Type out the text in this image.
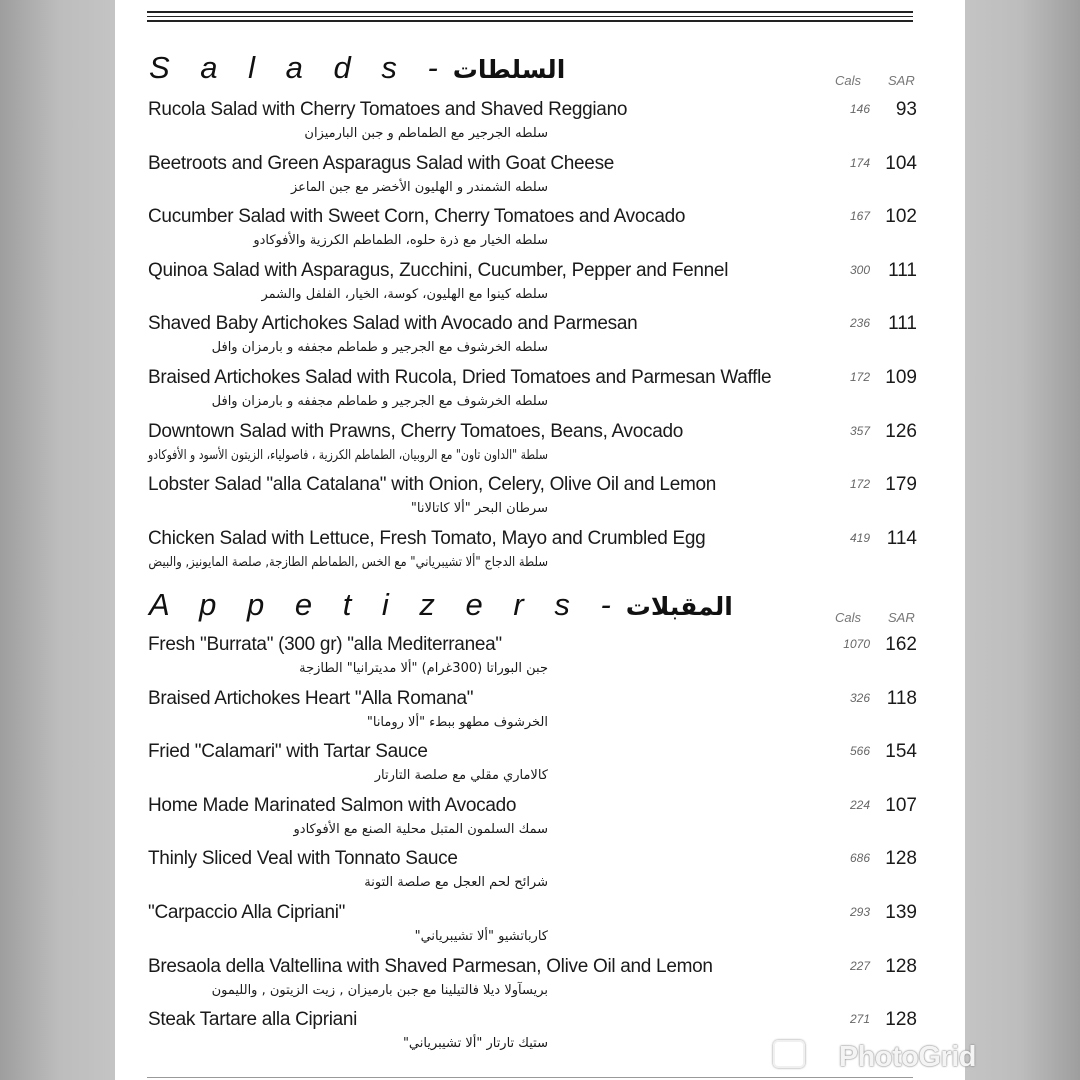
S a l a d s - السلطات	Cals SAR
Rucola Salad with Cherry Tomatoes and Shaved Reggiano
سلطه الجرجير مع الطماطم و جبن البارميزان
146	93
Beetroots and Green Asparagus Salad with Goat Cheese
سلطه الشمندر و الهليون الأخضر مع جبن الماعز
174 104
Cucumber Salad with Sweet Corn, Cherry Tomatoes and Avocado
سلطه الخيار مع ذرة حلوه، الطماطم الكرزية والأفوكادو
167 102
Quinoa Salad with Asparagus, Zucchini, Cucumber, Pepper and Fennel
سلطه كينوا مع الهليون، كوسة، الخيار، الفلفل والشمر
300 111
Shaved Baby Artichokes Salad with Avocado and Parmesan
سلطه الخرشوف مع الجرجير و طماطم مجففه و بارمزان وافل
236 111
Braised Artichokes Salad with Rucola, Dried Tomatoes and Parmesan Waffle
سلطه الخرشوف مع الجرجير و طماطم مجففه و بارمزان وافل
172 109
Downtown Salad with Prawns, Cherry Tomatoes, Beans, Avocado
سلطة "الداون تاون" مع الروبيان، الطماطم الكرزية ، فاصولياء، الزيتون الأسود و الأفوكادو
357 126
Lobster Salad "alla Catalana" with Onion, Celery, Olive Oil and Lemon
سرطان البحر "ألا كاتالانا"
172 179
Chicken Salad with Lettuce, Fresh Tomato, Mayo and Crumbled Egg
سلطة الدجاج "ألا تشيبرياني" مع الخس ,الطماطم الطازجة, صلصة المايونيز, والبيض
419 114
A p p e t i z e r s - المقبلات	Cals SAR
Fresh "Burrata" (300 gr) "alla Mediterranea"
جبن البوراتا (300غرام) "ألا مديترانيا" الطازجة
1070 162
Braised Artichokes Heart "Alla Romana"
الخرشوف مطهو ببطء "ألا رومانا"
326 118
Fried "Calamari" with Tartar Sauce
كالاماري مقلي مع صلصة التارتار
566 154
Home Made Marinated Salmon with Avocado
سمك السلمون المتبل محلية الصنع مع الأفوكادو
224 107
Thinly Sliced Veal with Tonnato Sauce
شرائح لحم العجل مع صلصة التونة
686 128
"Carpaccio Alla Cipriani"
كارباتشيو "ألا تشيبرياني"
293 139
Bresaola della Valtellina with Shaved Parmesan, Olive Oil and Lemon
بريسآولا ديلا فالتيلينا مع جبن بارميزان , زيت الزيتون , والليمون
227 128
Steak Tartare alla Cipriani
ستيك تارتار "ألا تشيبرياني"
271 128
PhotoGrid
